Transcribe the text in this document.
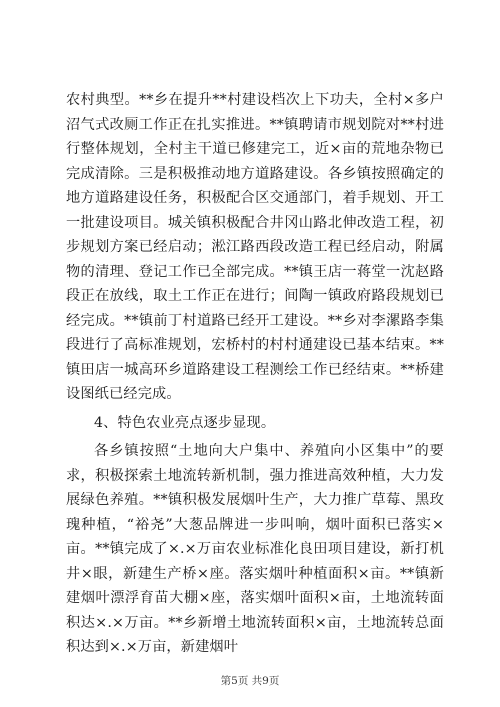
农村典型。**乡在提升**村建设档次上下功夫，全村×多户沼气式改厕工作正在扎实推进。**镇聘请市规划院对**村进行整体规划，全村主干道已修建完工，近×亩的荒地杂物已完成清除。三是积极推动地方道路建设。各乡镇按照确定的地方道路建设任务，积极配合区交通部门，着手规划、开工一批建设项目。城关镇积极配合井冈山路北伸改造工程，初步规划方案已经启动；淞江路西段改造工程已经启动，附属物的清理、登记工作已全部完成。**镇王店一蒋堂一沈赵路段正在放线，取土工作正在进行；间陶一镇政府路段规划已经完成。**镇前丁村道路已经开工建设。**乡对李漯路李集段进行了高标准规划，宏桥村的村村通建设已基本结束。**镇田店一城高环乡道路建设工程测绘工作已经结束。**桥建设图纸已经完成。

4、特色农业亮点逐步显现。

各乡镇按照“土地向大户集中、养殖向小区集中”的要求，积极探索土地流转新机制，强力推进高效种植，大力发展绿色养殖。**镇积极发展烟叶生产，大力推广草莓、黑玫瑰种植，“裕尧”大葱品牌进一步叫响，烟叶面积已落实×亩。**镇完成了×.×万亩农业标准化良田项目建设，新打机井×眼，新建生产桥×座。落实烟叶种植面积×亩。**镇新建烟叶漂浮育苗大棚×座，落实烟叶面积×亩，土地流转面积达×.×万亩。**乡新增土地流转面积×亩，土地流转总面积达到×.×万亩，新建烟叶

第5页 共9页
